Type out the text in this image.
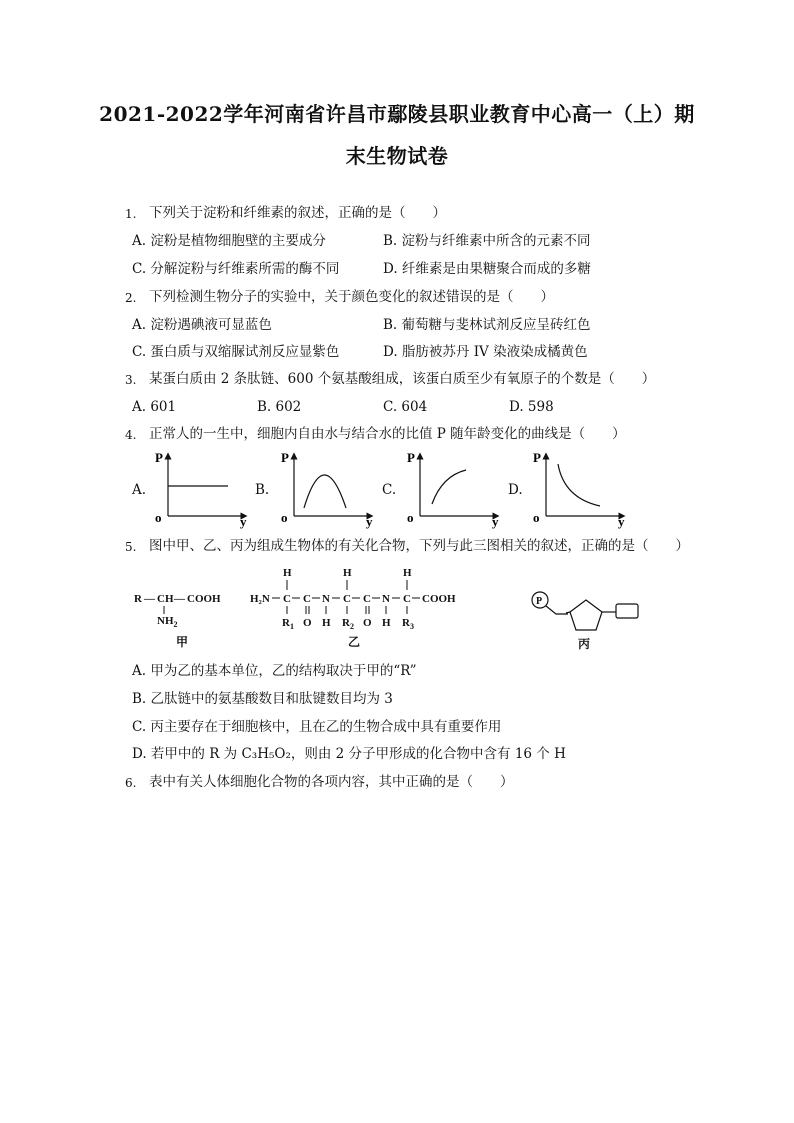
2021-2022学年河南省许昌市鄢陵县职业教育中心高一（上）期
末生物试卷
1. 下列关于淀粉和纤维素的叙述，正确的是（　　）
A. 淀粉是植物细胞壁的主要成分	B. 淀粉与纤维素中所含的元素不同
C. 分解淀粉与纤维素所需的酶不同	D. 纤维素是由果糖聚合而成的多糖
2. 下列检测生物分子的实验中，关于颜色变化的叙述错误的是（　　）
A. 淀粉遇碘液可显蓝色	B. 葡萄糖与斐林试剂反应呈砖红色
C. 蛋白质与双缩脲试剂反应显紫色	D. 脂肪被苏丹 IV 染液染成橘黄色
3. 某蛋白质由 2 条肽链、600 个氨基酸组成，该蛋白质至少有氧原子的个数是（　　）
A. 601	B. 602	C. 604	D. 598
4. 正常人的一生中，细胞内自由水与结合水的比值 P 随年龄变化的曲线是（　　）
A.	B.	C.	D.
P
o	y
P
o	y
P
o	y
P
o	y
5. 图中甲、乙、丙为组成生物体的有关化合物，下列与此三图相关的叙述，正确的是（　　）
R — CH — COOH
$NH_2$
甲
H₂N C C N C C N C COOH
H	H	H
$R_1$ O H $R_2$ O H $R_3$
乙
P
丙
A. 甲为乙的基本单位，乙的结构取决于甲的“R”
B. 乙肽链中的氨基酸数目和肽键数目均为 3
C. 丙主要存在于细胞核中，且在乙的生物合成中具有重要作用
D. 若甲中的 R 为 C₃H₅O₂，则由 2 分子甲形成的化合物中含有 16 个 H
6. 表中有关人体细胞化合物的各项内容，其中正确的是（　　）
